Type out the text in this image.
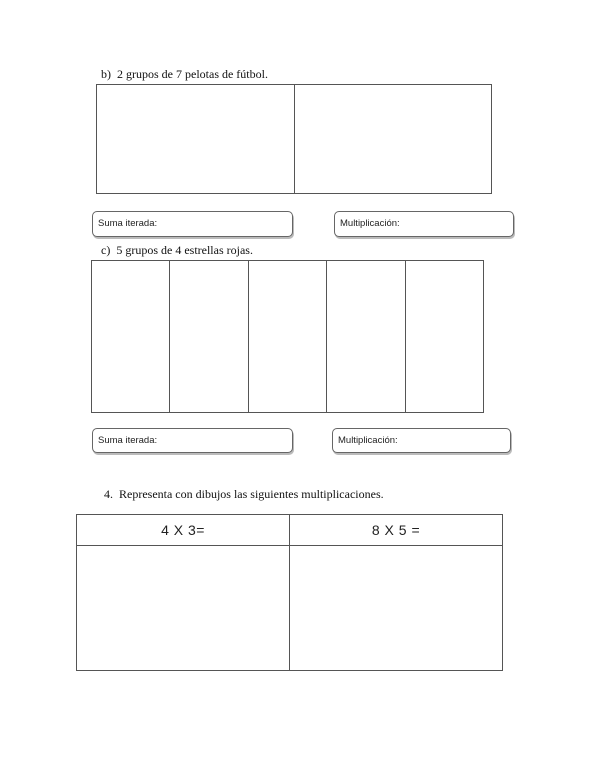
b) 2 grupos de 7 pelotas de fútbol.
Suma iterada:	Multiplicación:
c) 5 grupos de 4 estrellas rojas.
Suma iterada:	Multiplicación:
4. Representa con dibujos las siguientes multiplicaciones.
4 X 3=	8 X 5 =
